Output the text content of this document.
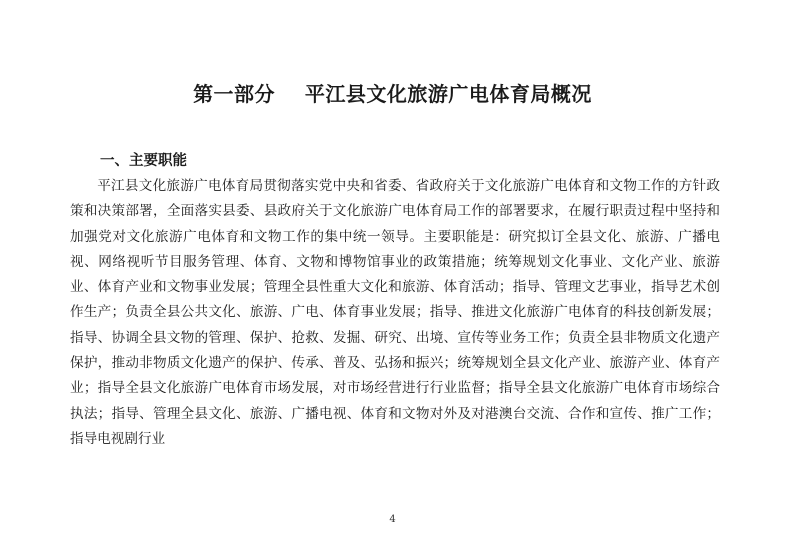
第一部分    平江县文化旅游广电体育局概况
一、主要职能

平江县文化旅游广电体育局贯彻落实党中央和省委、省政府关于文化旅游广电体育和文物工作的方针政策和决策部署，全面落实县委、县政府关于文化旅游广电体育局工作的部署要求，在履行职责过程中坚持和加强党对文化旅游广电体育和文物工作的集中统一领导。主要职能是：研究拟订全县文化、旅游、广播电视、网络视听节目服务管理、体育、文物和博物馆事业的政策措施；统筹规划文化事业、文化产业、旅游业、体育产业和文物事业发展；管理全县性重大文化和旅游、体育活动；指导、管理文艺事业，指导艺术创作生产；负责全县公共文化、旅游、广电、体育事业发展；指导、推进文化旅游广电体育的科技创新发展；指导、协调全县文物的管理、保护、抢救、发掘、研究、出境、宣传等业务工作；负责全县非物质文化遗产保护，推动非物质文化遗产的保护、传承、普及、弘扬和振兴；统筹规划全县文化产业、旅游产业、体育产业；指导全县文化旅游广电体育市场发展，对市场经营进行行业监督；指导全县文化旅游广电体育市场综合执法；指导、管理全县文化、旅游、广播电视、体育和文物对外及对港澳台交流、合作和宣传、推广工作；指导电视剧行业

4
